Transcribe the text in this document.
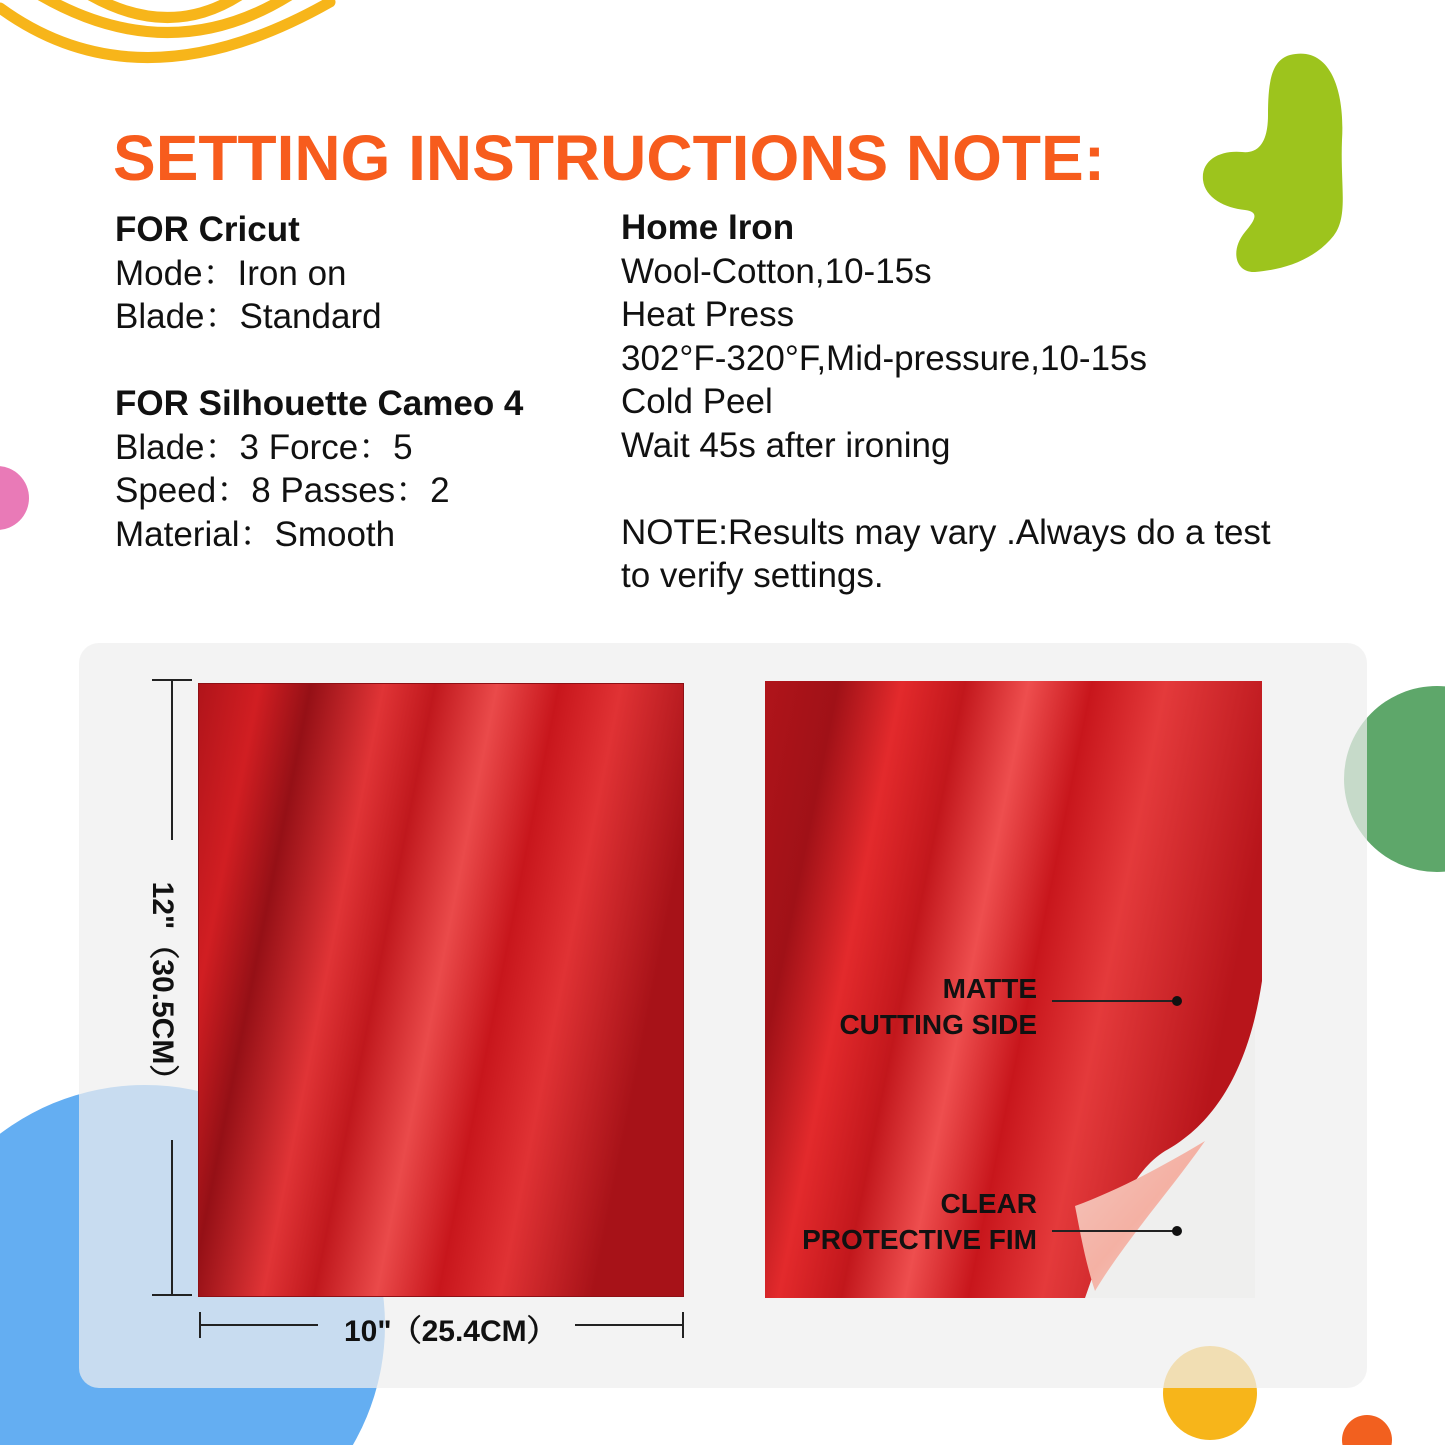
SETTING INSTRUCTIONS NOTE:
FOR Cricut
Mode：Iron on
Blade：Standard
FOR Silhouette Cameo 4
Blade：3 Force：5
Speed：8 Passes：2
Material：Smooth
Home Iron
Wool-Cotton,10-15s
Heat Press
302°F-320°F,Mid-pressure,10-15s
Cold Peel
Wait 45s after ironing
NOTE:Results may vary .Always do a test
to verify settings.
10"（25.4CM）
12"（30.5CM）	MATTE
CUTTING SIDE
CLEAR
PROTECTIVE FIM
